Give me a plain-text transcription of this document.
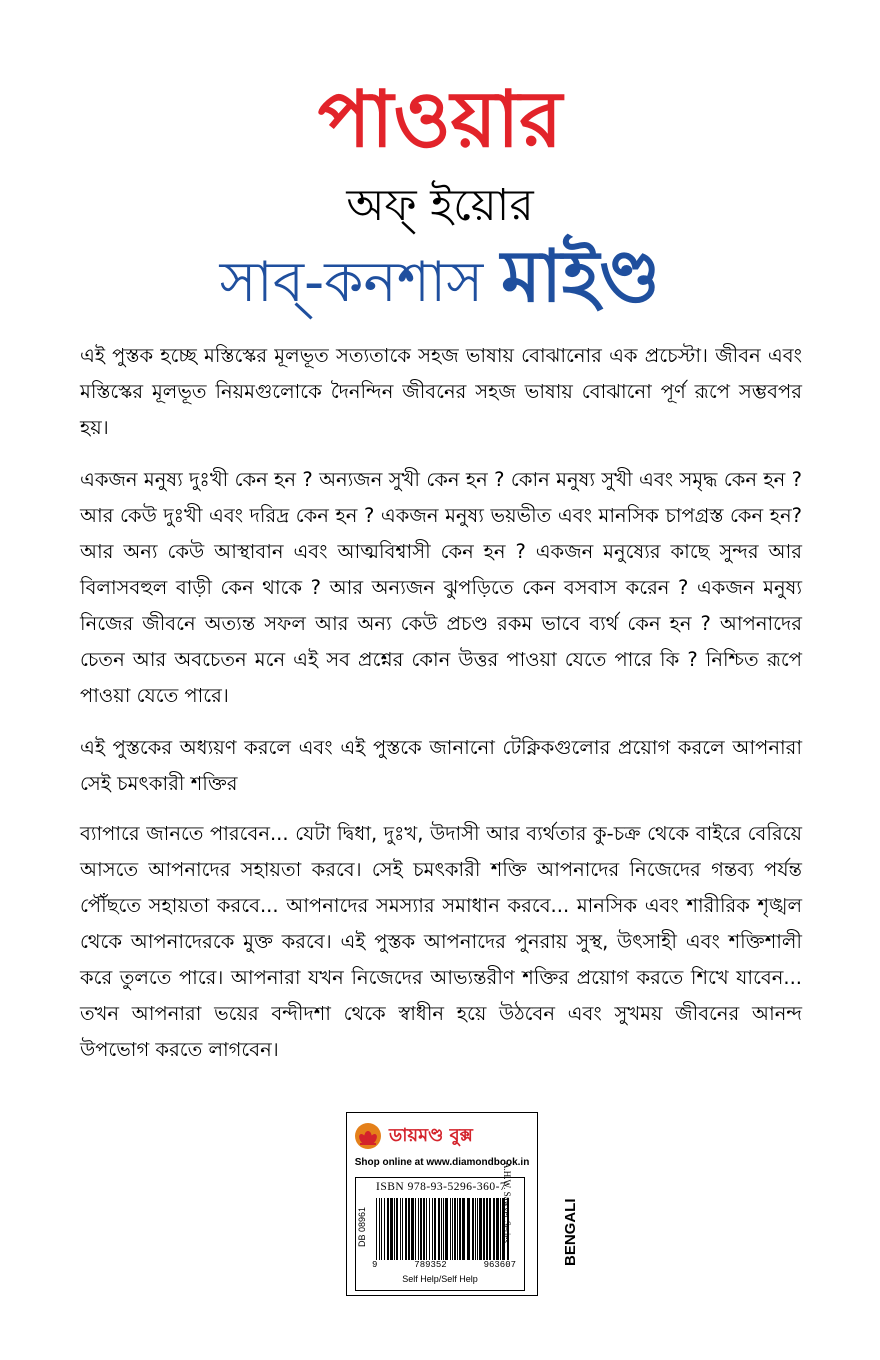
পাওয়ার
অফ্ ইয়োর
সাব্-কনশাস মাইণ্ড

এই পুস্তক হচ্ছে মস্তিস্কের মূলভূত সত্যতাকে সহজ ভাষায় বোঝানোর এক প্রচেস্টা। জীবন এবং মস্তিস্কের মূলভূত নিয়মগুলোকে দৈনন্দিন জীবনের সহজ ভাষায় বোঝানো পূর্ণ রূপে সম্ভবপর হয়।

একজন মনুষ্য দুঃখী কেন হন ? অন্যজন সুখী কেন হন ? কোন মনুষ্য সুখী এবং সমৃদ্ধ কেন হন ? আর কেউ দুঃখী এবং দরিদ্র কেন হন ? একজন মনুষ্য ভয়ভীত এবং মানসিক চাপগ্রস্ত কেন হন? আর অন্য কেউ আস্থাবান এবং আত্মবিশ্বাসী কেন হন ? একজন মনুষ্যের কাছে সুন্দর আর বিলাসবহুল বাড়ী কেন থাকে ? আর অন্যজন ঝুপড়িতে কেন বসবাস করেন ? একজন মনুষ্য নিজের জীবনে অত্যন্ত সফল আর অন্য কেউ প্রচণ্ড রকম ভাবে ব্যর্থ কেন হন ? আপনাদের চেতন আর অবচেতন মনে এই সব প্রশ্নের কোন উত্তর পাওয়া যেতে পারে কি ? নিশ্চিত রূপে পাওয়া যেতে পারে।

এই পুস্তকের অধ্যয়ণ করলে এবং এই পুস্তকে জানানো টেক্নিকগুলোর প্রয়োগ করলে আপনারা সেই চমৎকারী শক্তির

ব্যাপারে জানতে পারবেন... যেটা দ্বিধা, দুঃখ, উদাসী আর ব্যর্থতার কু-চক্র থেকে বাইরে বেরিয়ে আসতে আপনাদের সহায়তা করবে। সেই চমৎকারী শক্তি আপনাদের নিজেদের গন্তব্য পর্যন্ত পৌঁছতে সহায়তা করবে... আপনাদের সমস্যার সমাধান করবে... মানসিক এবং শারীরিক শৃঙ্খল থেকে আপনাদেরকে মুক্ত করবে। এই পুস্তক আপনাদের পুনরায় সুস্থ, উৎসাহী এবং শক্তিশালী করে তুলতে পারে। আপনারা যখন নিজেদের আভ্যন্তরীণ শক্তির প্রয়োগ করতে শিখে যাবেন... তখন আপনারা ভয়ের বন্দীদশা থেকে স্বাধীন হয়ে উঠবেন এবং সুখময় জীবনের আনন্দ উপভোগ করতে লাগবেন।

ডায়মণ্ড বুক্স
Shop online at www.diamondbook.in
ISBN 978-93-5296-360-7
DB 08961
9	789352	963607
Self Help/Self Help
A.H.W. Sawyer Series	BENGALI
